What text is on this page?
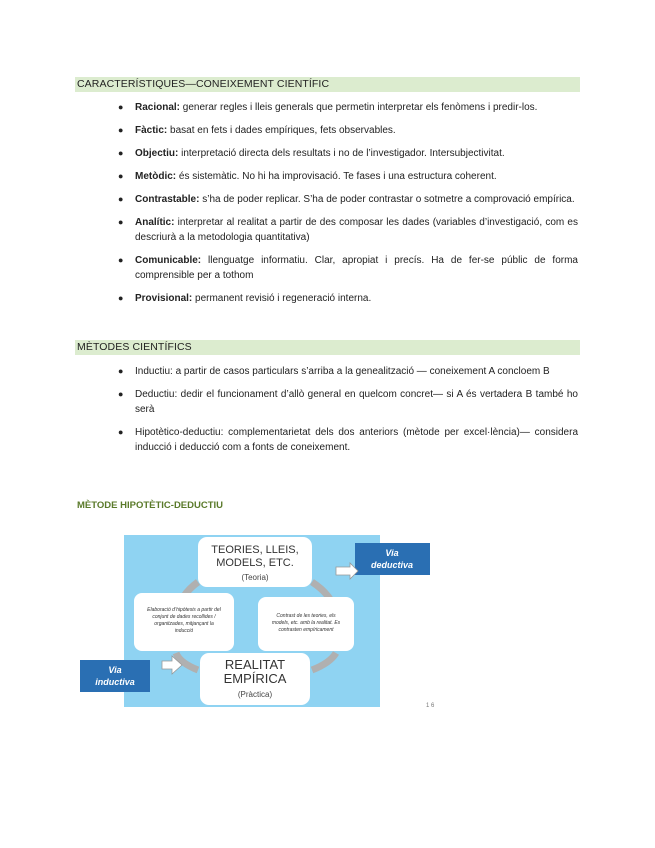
CARACTERÍSTIQUES—CONEIXEMENT CIENTÍFIC
● Racional: generar regles i lleis generals que permetin interpretar els fenòmens i predir-los.
● Fàctic: basat en fets i dades empíriques, fets observables.
● Objectiu: interpretació directa dels resultats i no de l’investigador. Intersubjectivitat.
● Metòdic: és sistemàtic. No hi ha improvisació. Te fases i una estructura coherent.
● Contrastable: s’ha de poder replicar. S’ha de poder contrastar o sotmetre a comprovació empírica.
● Analític: interpretar al realitat a partir de des composar les dades (variables d’investigació, com es descriurà a la metodologia quantitativa)
● Comunicable: llenguatge informatiu. Clar, apropiat i precís. Ha de fer-se públic de forma comprensible per a tothom
● Provisional: permanent revisió i regeneració interna.
MÈTODES CIENTÍFICS
● Inductiu: a partir de casos particulars s’arriba a la genealització — coneixement A concloem B
● Deductiu: dedir el funcionament d’allò general en quelcom concret— si A és vertadera B també ho serà
● Hipotètico-deductiu: complementarietat dels dos anteriors (mètode per excel·lència)— considera inducció i deducció com a fonts de coneixement.
MÈTODE HIPOTÈTIC-DEDUCTIU
TEORIES, LLEIS,
MODELS, ETC.
(Teoria)
Elaboració d’hipòtesis a partir del
conjunt de dades recollides /
organitzades, mitjançant la
inducció
Contrast de les teories, els
models, etc. amb la realitat. Es
contrasten empíricament
REALITAT
EMPÍRICA
(Pràctica)
Via
deductiva
Via
inductiva
1 6
